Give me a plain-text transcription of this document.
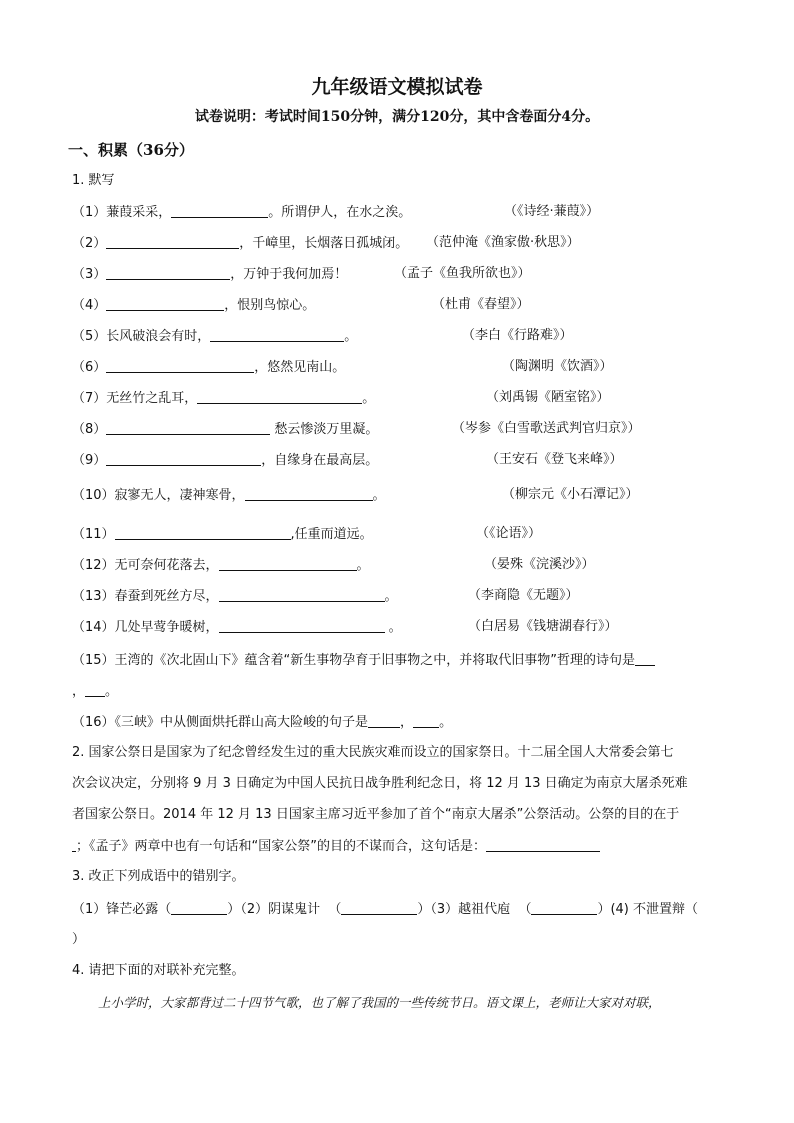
九年级语文模拟试卷
试卷说明：考试时间150分钟，满分120分，其中含卷面分4分。
一、积累（36分）
1. 默写
（1）蒹葭采采，	。所谓伊人，在水之涘。	（《诗经·蒹葭》）
（2）	，千嶂里，长烟落日孤城闭。 （范仲淹《渔家傲·秋思》）
（3）	，万钟于我何加焉！	（孟子《鱼我所欲也》）
（4）	，恨别鸟惊心。	（杜甫《春望》）
（5）长风破浪会有时，	。	（李白《行路难》）
（6）	，悠然见南山。	（陶渊明《饮酒》）
（7）无丝竹之乱耳，	。	（刘禹锡《陋室铭》）
（8）	愁云惨淡万里凝。	（岑参《白雪歌送武判官归京》）
（9）	，自缘身在最高层。	（王安石《登飞来峰》）
（10）寂寥无人，凄神寒骨，	。	（柳宗元《小石潭记》）
（11）	,任重而道远。	（《论语》）
（12）无可奈何花落去，	。	（晏殊《浣溪沙》）
（13）春蚕到死丝方尽，	。	（李商隐《无题》）
（14）几处早莺争暖树，	。	（白居易《钱塘湖春行》）
（15）王湾的《次北固山下》蕴含着“新生事物孕育于旧事物之中，并将取代旧事物”哲理的诗句是
， 。
（16）《三峡》中从侧面烘托群山高大险峻的句子是 ， 。
2. 国家公祭日是国家为了纪念曾经发生过的重大民族灾难而设立的国家祭日。十二届全国人大常委会第七
次会议决定，分别将 9 月 3 日确定为中国人民抗日战争胜利纪念日，将 12 月 13 日确定为南京大屠杀死难
者国家公祭日。2014 年 12 月 13 日国家主席习近平参加了首个“南京大屠杀”公祭活动。公祭的目的在于
；《孟子》两章中也有一句话和“国家公祭”的目的不谋而合，这句话是：
3. 改正下列成语中的错别字。
（1）锋芒必露（	）（2）阴谋鬼计 （	）（3）越祖代庖 （	）(4) 不泄置辩（
）
4. 请把下面的对联补充完整。
上小学时，大家都背过二十四节气歌，也了解了我国的一些传统节日。语文课上，老师让大家对对联，
